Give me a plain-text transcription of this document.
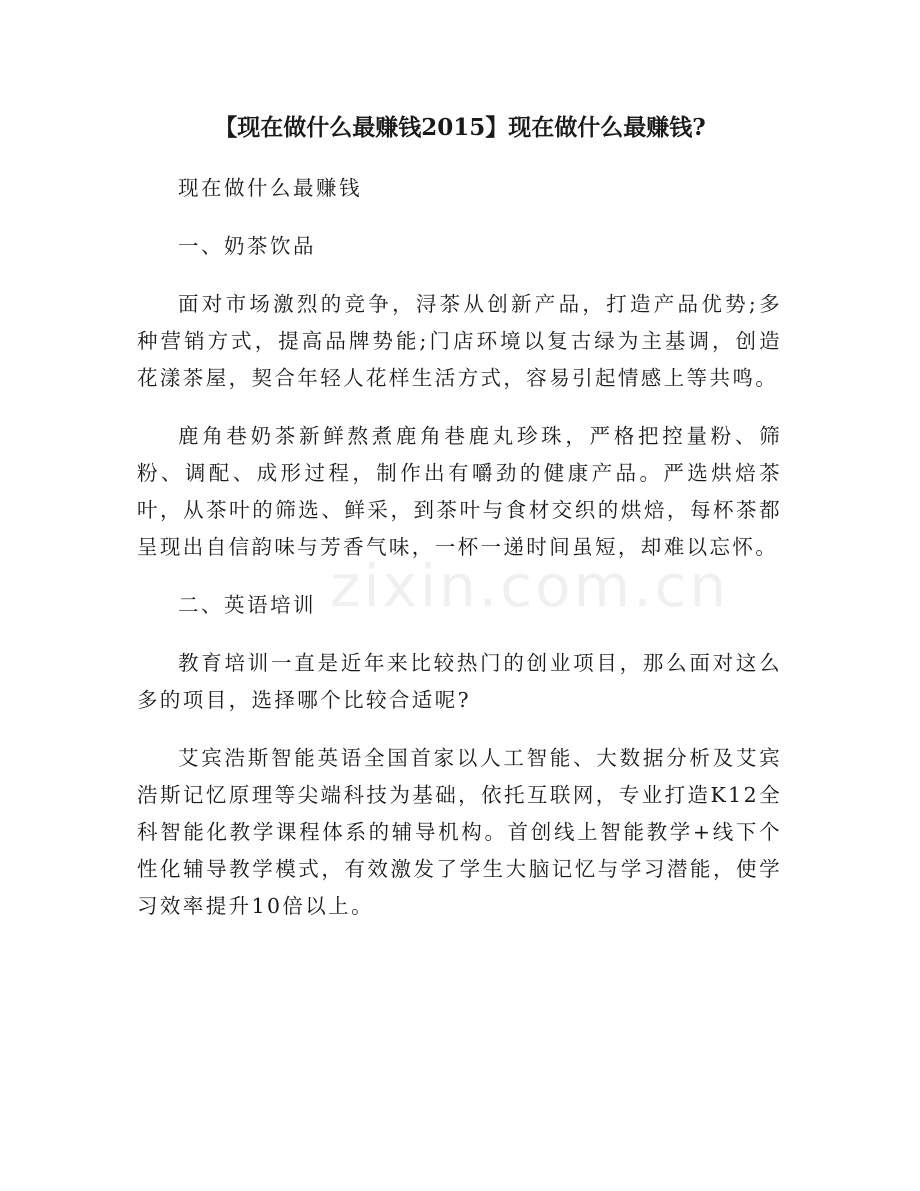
【现在做什么最赚钱2015】现在做什么最赚钱?

现在做什么最赚钱

一、奶茶饮品

面对市场激烈的竞争，浔茶从创新产品，打造产品优势;多种营销方式，提高品牌势能;门店环境以复古绿为主基调，创造花漾茶屋，契合年轻人花样生活方式，容易引起情感上等共鸣。

鹿角巷奶茶新鲜熬煮鹿角巷鹿丸珍珠，严格把控量粉、筛粉、调配、成形过程，制作出有嚼劲的健康产品。严选烘焙茶叶，从茶叶的筛选、鲜采，到茶叶与食材交织的烘焙，每杯茶都呈现出自信韵味与芳香气味，一杯一递时间虽短，却难以忘怀。

二、英语培训

教育培训一直是近年来比较热门的创业项目，那么面对这么多的项目，选择哪个比较合适呢?

艾宾浩斯智能英语全国首家以人工智能、大数据分析及艾宾浩斯记忆原理等尖端科技为基础，依托互联网，专业打造K12全科智能化教学课程体系的辅导机构。首创线上智能教学+线下个性化辅导教学模式，有效激发了学生大脑记忆与学习潜能，使学习效率提升10倍以上。

zixin.com.cn
